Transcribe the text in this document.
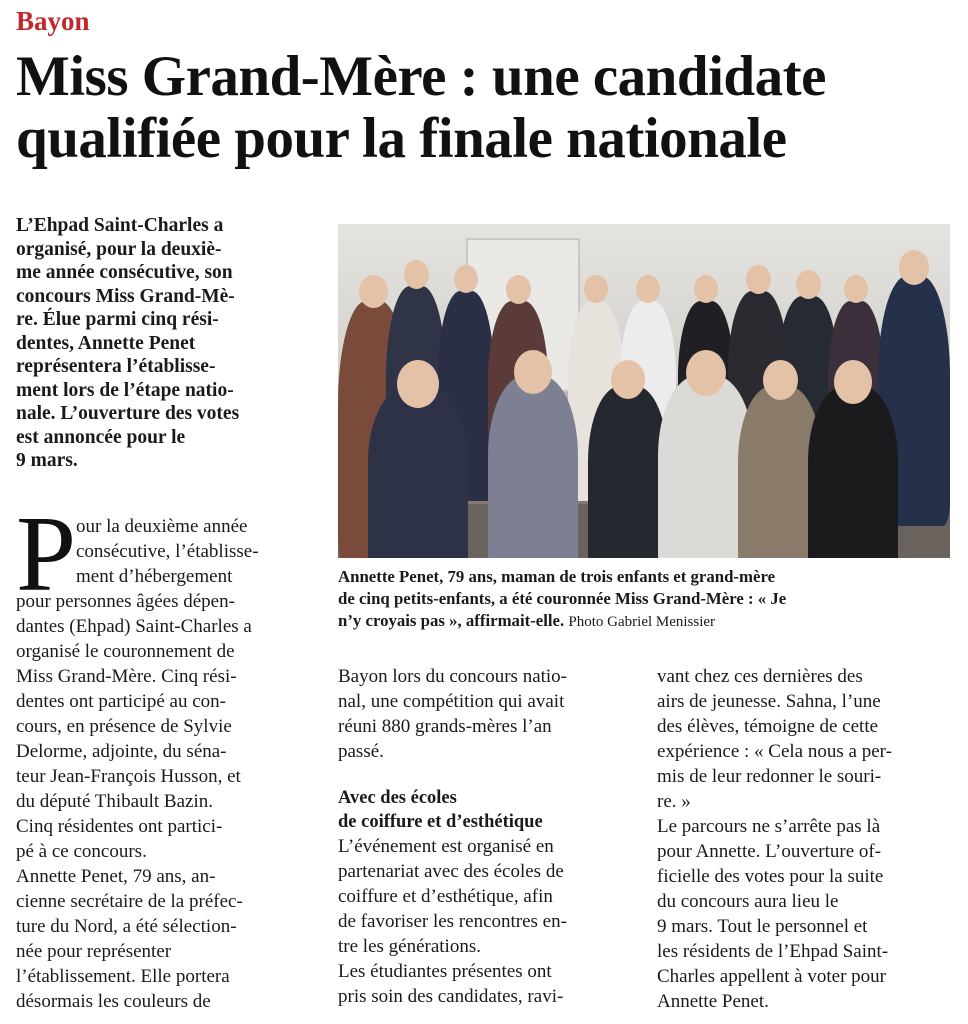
Bayon
Miss Grand-Mère : une candidate
qualifiée pour la finale nationale
L’Ehpad Saint-Charles a
organisé, pour la deuxiè-
me année consécutive, son
concours Miss Grand-Mè-
re. Élue parmi cinq rési-
dentes, Annette Penet
représentera l’établisse-
ment lors de l’étape natio-
nale. L’ouverture des votes
est annoncée pour le
9 mars.
Annette Penet, 79 ans, maman de trois enfants et grand-mère
de cinq petits-enfants, a été couronnée Miss Grand-Mère : « Je
n’y croyais pas », affirmait-elle. Photo Gabriel Menissier
P our la deuxième année
consécutive, l’établisse-
ment d’hébergement
pour personnes âgées dépen-
dantes (Ehpad) Saint-Charles a
organisé le couronnement de
Miss Grand-Mère. Cinq rési-
dentes ont participé au con-
cours, en présence de Sylvie
Delorme, adjointe, du séna-
teur Jean-François Husson, et
du député Thibault Bazin.
Cinq résidentes ont partici-
pé à ce concours.
Annette Penet, 79 ans, an-
cienne secrétaire de la préfec-
ture du Nord, a été sélection-
née pour représenter
l’établissement. Elle portera
désormais les couleurs de
Bayon lors du concours natio-
nal, une compétition qui avait
réuni 880 grands-mères l’an
passé.
Avec des écoles
de coiffure et d’esthétique
L’événement est organisé en
partenariat avec des écoles de
coiffure et d’esthétique, afin
de favoriser les rencontres en-
tre les générations.
Les étudiantes présentes ont
pris soin des candidates, ravi-
vant chez ces dernières des
airs de jeunesse. Sahna, l’une
des élèves, témoigne de cette
expérience : « Cela nous a per-
mis de leur redonner le souri-
re. »
Le parcours ne s’arrête pas là
pour Annette. L’ouverture of-
ficielle des votes pour la suite
du concours aura lieu le
9 mars. Tout le personnel et
les résidents de l’Ehpad Saint-
Charles appellent à voter pour
Annette Penet.
